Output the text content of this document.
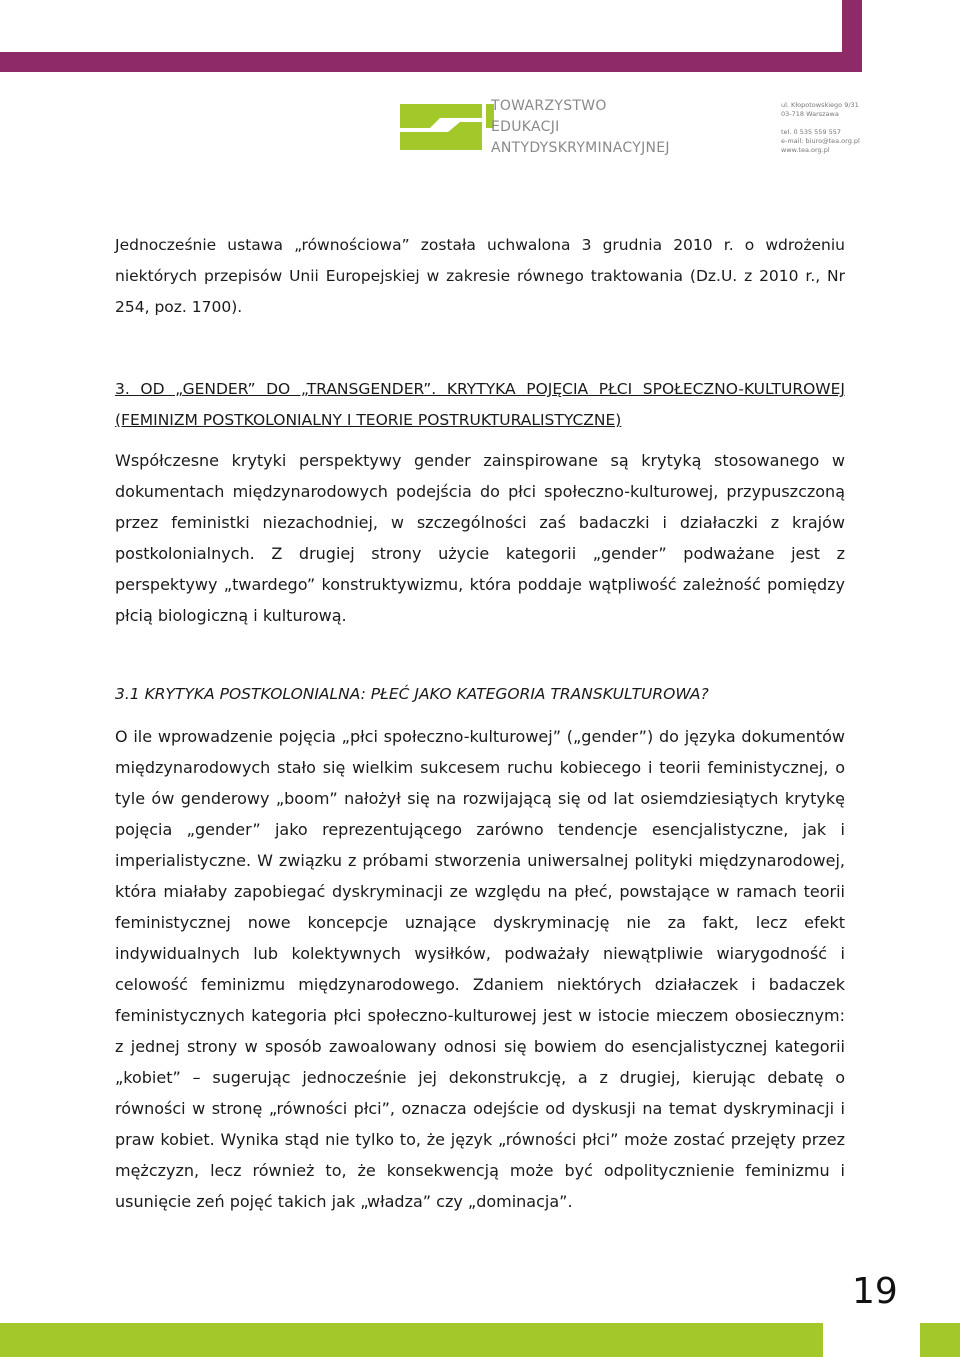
TOWARZYSTWO
EDUKACJI
ANTYDYSKRYMINACYJNEJ
ul. Kłopotowskiego 9/31
03-718 Warszawa
tel. 0 535 559 557
e-mail: biuro@tea.org.pl
www.tea.org.pl

Jednocześnie ustawa „równościowa” została uchwalona 3 grudnia 2010 r. o wdrożeniu niektórych przepisów Unii Europejskiej w zakresie równego traktowania (Dz.U. z 2010 r., Nr 254, poz. 1700).

3. OD „GENDER” DO „TRANSGENDER”. KRYTYKA POJĘCIA PŁCI SPOŁECZNO-KULTUROWEJ (FEMINIZM POSTKOLONIALNY I TEORIE POSTRUKTURALISTYCZNE)

Współczesne krytyki perspektywy gender zainspirowane są krytyką stosowanego w dokumentach międzynarodowych podejścia do płci społeczno-kulturowej, przypuszczoną przez feministki niezachodniej, w szczególności zaś badaczki i działaczki z krajów postkolonialnych. Z drugiej strony użycie kategorii „gender” podważane jest z perspektywy „twardego” konstruktywizmu, która poddaje wątpliwość zależność pomiędzy płcią biologiczną i kulturową.

3.1 KRYTYKA POSTKOLONIALNA: PŁEĆ JAKO KATEGORIA TRANSKULTUROWA?

O ile wprowadzenie pojęcia „płci społeczno-kulturowej” („gender”) do języka dokumentów międzynarodowych stało się wielkim sukcesem ruchu kobiecego i teorii feministycznej, o tyle ów genderowy „boom” nałożył się na rozwijającą się od lat osiemdziesiątych krytykę pojęcia „gender” jako reprezentującego zarówno tendencje esencjalistyczne, jak i imperialistyczne. W związku z próbami stworzenia uniwersalnej polityki międzynarodowej, która miałaby zapobiegać dyskryminacji ze względu na płeć, powstające w ramach teorii feministycznej nowe koncepcje uznające dyskryminację nie za fakt, lecz efekt indywidualnych lub kolektywnych wysiłków, podważały niewątpliwie wiarygodność i celowość feminizmu międzynarodowego. Zdaniem niektórych działaczek i badaczek feministycznych kategoria płci społeczno-kulturowej jest w istocie mieczem obosiecznym: z jednej strony w sposób zawoalowany odnosi się bowiem do esencjalistycznej kategorii „kobiet” – sugerując jednocześnie jej dekonstrukcję, a z drugiej, kierując debatę o równości w stronę „równości płci”, oznacza odejście od dyskusji na temat dyskryminacji i praw kobiet. Wynika stąd nie tylko to, że język „równości płci” może zostać przejęty przez mężczyzn, lecz również to, że konsekwencją może być odpolitycznienie feminizmu i usunięcie zeń pojęć takich jak „władza” czy „dominacja”.

19
